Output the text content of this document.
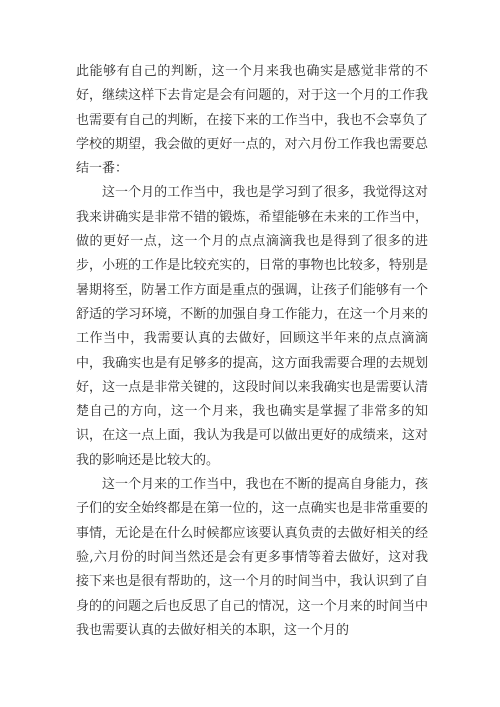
此能够有自己的判断，这一个月来我也确实是感觉非常的不好，继续这样下去肯定是会有问题的，对于这一个月的工作我也需要有自己的判断，在接下来的工作当中，我也不会辜负了学校的期望，我会做的更好一点的，对六月份工作我也需要总结一番：

这一个月的工作当中，我也是学习到了很多，我觉得这对我来讲确实是非常不错的锻炼，希望能够在未来的工作当中，做的更好一点，这一个月的点点滴滴我也是得到了很多的进步，小班的工作是比较充实的，日常的事物也比较多，特别是暑期将至，防暑工作方面是重点的强调，让孩子们能够有一个舒适的学习环境，不断的加强自身工作能力，在这一个月来的工作当中，我需要认真的去做好，回顾这半年来的点点滴滴中，我确实也是有足够多的提高，这方面我需要合理的去规划好，这一点是非常关键的，这段时间以来我确实也是需要认清楚自己的方向，这一个月来，我也确实是掌握了非常多的知识，在这一点上面，我认为我是可以做出更好的成绩来，这对我的影响还是比较大的。

这一个月来的工作当中，我也在不断的提高自身能力，孩子们的安全始终都是在第一位的，这一点确实也是非常重要的事情，无论是在什么时候都应该要认真负责的去做好相关的经验,六月份的时间当然还是会有更多事情等着去做好，这对我接下来也是很有帮助的，这一个月的时间当中，我认识到了自身的的问题之后也反思了自己的情况，这一个月来的时间当中我也需要认真的去做好相关的本职，这一个月的
